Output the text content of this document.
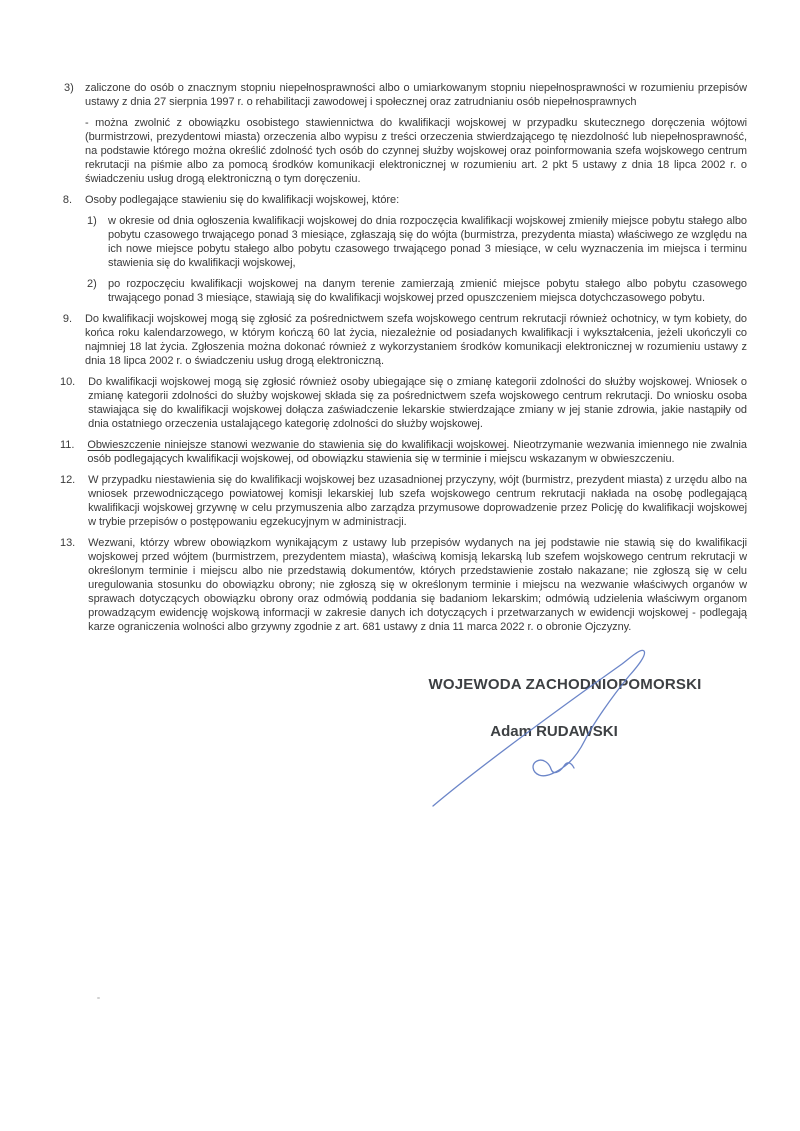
3)	zaliczone do osób o znacznym stopniu niepełnosprawności albo o umiarkowanym stopniu niepełnosprawności w rozumieniu przepisów ustawy z dnia 27 sierpnia 1997 r. o rehabilitacji zawodowej i społecznej oraz zatrudnianiu osób niepełnosprawnych
- można zwolnić z obowiązku osobistego stawiennictwa do kwalifikacji wojskowej w przypadku skutecznego doręczenia wójtowi (burmistrzowi, prezydentowi miasta) orzeczenia albo wypisu z treści orzeczenia stwierdzającego tę niezdolność lub niepełnosprawność, na podstawie którego można określić zdolność tych osób do czynnej służby wojskowej oraz poinformowania szefa wojskowego centrum rekrutacji na piśmie albo za pomocą środków komunikacji elektronicznej w rozumieniu art. 2 pkt 5 ustawy z dnia 18 lipca 2002 r. o świadczeniu usług drogą elektroniczną o tym doręczeniu.
8.	Osoby podlegające stawieniu się do kwalifikacji wojskowej, które:
1)	w okresie od dnia ogłoszenia kwalifikacji wojskowej do dnia rozpoczęcia kwalifikacji wojskowej zmieniły miejsce pobytu stałego albo pobytu czasowego trwającego ponad 3 miesiące, zgłaszają się do wójta (burmistrza, prezydenta miasta) właściwego ze względu na ich nowe miejsce pobytu stałego albo pobytu czasowego trwającego ponad 3 miesiące, w celu wyznaczenia im miejsca i terminu stawienia się do kwalifikacji wojskowej,
2)	po rozpoczęciu kwalifikacji wojskowej na danym terenie zamierzają zmienić miejsce pobytu stałego albo pobytu czasowego trwającego ponad 3 miesiące, stawiają się do kwalifikacji wojskowej przed opuszczeniem miejsca dotychczasowego pobytu.
9.	Do kwalifikacji wojskowej mogą się zgłosić za pośrednictwem szefa wojskowego centrum rekrutacji również ochotnicy, w tym kobiety, do końca roku kalendarzowego, w którym kończą 60 lat życia, niezależnie od posiadanych kwalifikacji i wykształcenia, jeżeli ukończyli co najmniej 18 lat życia. Zgłoszenia można dokonać również z wykorzystaniem środków komunikacji elektronicznej w rozumieniu ustawy z dnia 18 lipca 2002 r. o świadczeniu usług drogą elektroniczną.
10.	Do kwalifikacji wojskowej mogą się zgłosić również osoby ubiegające się o zmianę kategorii zdolności do służby wojskowej. Wniosek o zmianę kategorii zdolności do służby wojskowej składa się za pośrednictwem szefa wojskowego centrum rekrutacji. Do wniosku osoba stawiająca się do kwalifikacji wojskowej dołącza zaświadczenie lekarskie stwierdzające zmiany w jej stanie zdrowia, jakie nastąpiły od dnia ostatniego orzeczenia ustalającego kategorię zdolności do służby wojskowej.
11.	Obwieszczenie niniejsze stanowi wezwanie do stawienia się do kwalifikacji wojskowej. Nieotrzymanie wezwania imiennego nie zwalnia osób podlegających kwalifikacji wojskowej, od obowiązku stawienia się w terminie i miejscu wskazanym w obwieszczeniu.
12.	W przypadku niestawienia się do kwalifikacji wojskowej bez uzasadnionej przyczyny, wójt (burmistrz, prezydent miasta) z urzędu albo na wniosek przewodniczącego powiatowej komisji lekarskiej lub szefa wojskowego centrum rekrutacji nakłada na osobę podlegającą kwalifikacji wojskowej grzywnę w celu przymuszenia albo zarządza przymusowe doprowadzenie przez Policję do kwalifikacji wojskowej w trybie przepisów o postępowaniu egzekucyjnym w administracji.
13.	Wezwani, którzy wbrew obowiązkom wynikającym z ustawy lub przepisów wydanych na jej podstawie nie stawią się do kwalifikacji wojskowej przed wójtem (burmistrzem, prezydentem miasta), właściwą komisją lekarską lub szefem wojskowego centrum rekrutacji w określonym terminie i miejscu albo nie przedstawią dokumentów, których przedstawienie zostało nakazane; nie zgłoszą się w celu uregulowania stosunku do obowiązku obrony; nie zgłoszą się w określonym terminie i miejscu na wezwanie właściwych organów w sprawach dotyczących obowiązku obrony oraz odmówią poddania się badaniom lekarskim; odmówią udzielenia właściwym organom prowadzącym ewidencję wojskową informacji w zakresie danych ich dotyczących i przetwarzanych w ewidencji wojskowej - podlegają karze ograniczenia wolności albo grzywny zgodnie z art. 681 ustawy z dnia 11 marca 2022 r. o obronie Ojczyzny.
WOJEWODA ZACHODNIOPOMORSKI
Adam RUDAWSKI
